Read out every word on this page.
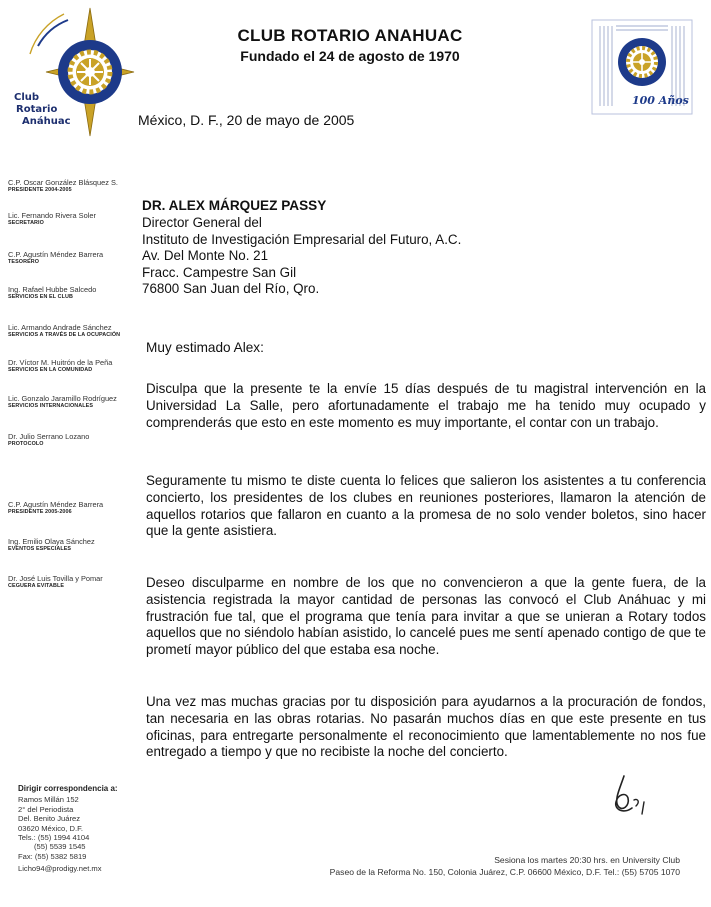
Club
Rotario
Anáhuac
CLUB ROTARIO ANAHUAC
Fundado el 24 de agosto de 1970
100 Años
México, D. F., 20 de mayo de 2005
C.P. Oscar González Blásquez S.
PRESIDENTE 2004-2005
Lic. Fernando Rivera Soler
SECRETARIO
C.P. Agustín Méndez Barrera
TESORERO
Ing. Rafael Hubbe Salcedo
SERVICIOS EN EL CLUB
Lic. Armando Andrade Sánchez
SERVICIOS A TRAVÉS DE LA OCUPACIÓN
Dr. Víctor M. Huitrón de la Peña
SERVICIOS EN LA COMUNIDAD
Lic. Gonzalo Jaramillo Rodríguez
SERVICIOS INTERNACIONALES
Dr. Julio Serrano Lozano
PROTOCOLO
C.P. Agustín Méndez Barrera
PRESIDENTE 2005-2006
Ing. Emilio Olaya Sánchez
EVENTOS ESPECIALES
Dr. José Luis Tovilla y Pomar
CEGUERA EVITABLE
Dirigir correspondencia a:
Ramos Millán 152
2° del Periodista
Del. Benito Juárez
03620 México, D.F.
Tels.: (55) 1994 4104
(55) 5539 1545
Fax: (55) 5382 5819
Licho94@prodigy.net.mx
DR. ALEX MÁRQUEZ PASSY
Director General del
Instituto de Investigación Empresarial del Futuro, A.C.
Av. Del Monte No. 21
Fracc. Campestre San Gil
76800 San Juan del Río, Qro.
Muy estimado Alex:
Disculpa que la presente te la envíe 15 días después de tu magistral intervención en la Universidad La Salle, pero afortunadamente el trabajo me ha tenido muy ocupado y comprenderás que esto en este momento es muy importante, el contar con un trabajo.
Seguramente tu mismo te diste cuenta lo felices que salieron los asistentes a tu conferencia concierto, los presidentes de los clubes en reuniones posteriores, llamaron la atención de aquellos rotarios que fallaron en cuanto a la promesa de no solo vender boletos, sino hacer que la gente asistiera.
Deseo disculparme en nombre de los que no convencieron a que la gente fuera, de la asistencia registrada la mayor cantidad de personas las convocó el Club Anáhuac y mi frustración fue tal, que el programa que tenía para invitar a que se unieran a Rotary todos aquellos que no siéndolo habían asistido, lo cancelé pues me sentí apenado contigo de que te prometí mayor público del que estaba esa noche.
Una vez mas muchas gracias por tu disposición para ayudarnos a la procuración de fondos, tan necesaria en las obras rotarias. No pasarán muchos días en que este presente en tus oficinas, para entregarte personalmente el reconocimiento que lamentablemente no nos fue entregado a tiempo y que no recibiste la noche del concierto.
Sesiona los martes 20:30 hrs. en University Club
Paseo de la Reforma No. 150, Colonia Juárez, C.P. 06600 México, D.F. Tel.: (55) 5705 1070
